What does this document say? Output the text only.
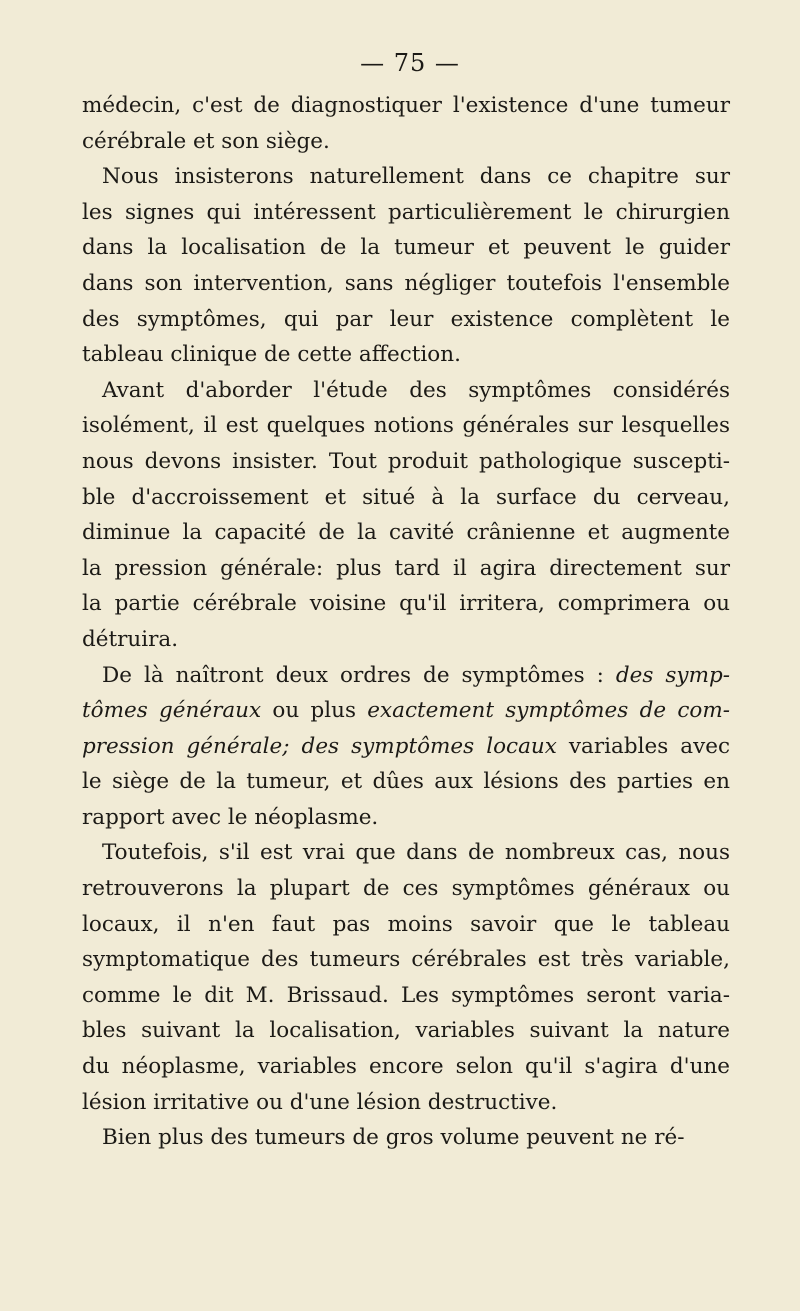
— 75 —
médecin, c'est de diagnostiquer l'existence d'une tumeur
cérébrale et son siège.
Nous insisterons naturellement dans ce chapitre sur
les signes qui intéressent particulièrement le chirurgien
dans la localisation de la tumeur et peuvent le guider
dans son intervention, sans négliger toutefois l'ensemble
des symptômes, qui par leur existence complètent le
tableau clinique de cette affection.
Avant d'aborder l'étude des symptômes considérés
isolément, il est quelques notions générales sur lesquelles
nous devons insister. Tout produit pathologique suscepti-
ble d'accroissement et situé à la surface du cerveau,
diminue la capacité de la cavité crânienne et augmente
la pression générale: plus tard il agira directement sur
la partie cérébrale voisine qu'il irritera, comprimera ou
détruira.
De là naîtront deux ordres de symptômes : des symp-
tômes généraux ou plus exactement symptômes de com-
pression générale; des symptômes locaux variables avec
le siège de la tumeur, et dûes aux lésions des parties en
rapport avec le néoplasme.
Toutefois, s'il est vrai que dans de nombreux cas, nous
retrouverons la plupart de ces symptômes généraux ou
locaux, il n'en faut pas moins savoir que le tableau
symptomatique des tumeurs cérébrales est très variable,
comme le dit M. Brissaud. Les symptômes seront varia-
bles suivant la localisation, variables suivant la nature
du néoplasme, variables encore selon qu'il s'agira d'une
lésion irritative ou d'une lésion destructive.
Bien plus des tumeurs de gros volume peuvent ne ré-
